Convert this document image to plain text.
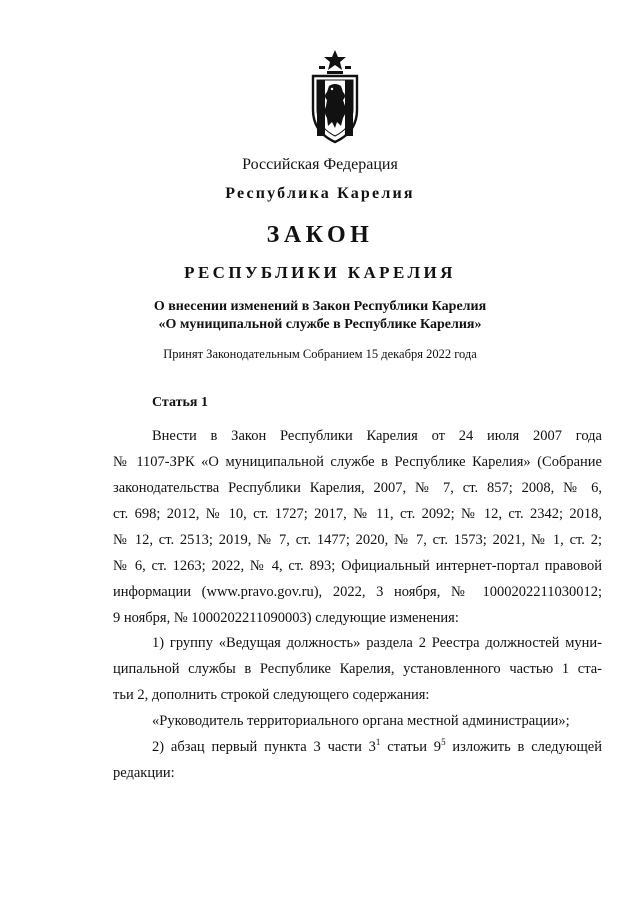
Российская Федерация
Республика Карелия
ЗАКОН
РЕСПУБЛИКИ КАРЕЛИЯ
О внесении изменений в Закон Республики Карелия
«О муниципальной службе в Республике Карелия»
Принят Законодательным Собранием 15 декабря 2022 года
Статья 1
Внести в Закон Республики Карелия от 24 июля 2007 года
№ 1107-ЗРК «О муниципальной службе в Республике Карелия» (Собрание
законодательства Республики Карелия, 2007, № 7, ст. 857; 2008, № 6,
ст. 698; 2012, № 10, ст. 1727; 2017, № 11, ст. 2092; № 12, ст. 2342; 2018,
№ 12, ст. 2513; 2019, № 7, ст. 1477; 2020, № 7, ст. 1573; 2021, № 1, ст. 2;
№ 6, ст. 1263; 2022, № 4, ст. 893; Официальный интернет-портал правовой
информации (www.pravo.gov.ru), 2022, 3 ноября, № 1000202211030012;
9 ноября, № 1000202211090003) следующие изменения:
1) группу «Ведущая должность» раздела 2 Реестра должностей муни-
ципальной службы в Республике Карелия, установленного частью 1 ста-
тьи 2, дополнить строкой следующего содержания:
«Руководитель территориального органа местной администрации»;
2) абзац первый пункта 3 части $3^1$ статьи $9^5$ изложить в следующей
редакции:
